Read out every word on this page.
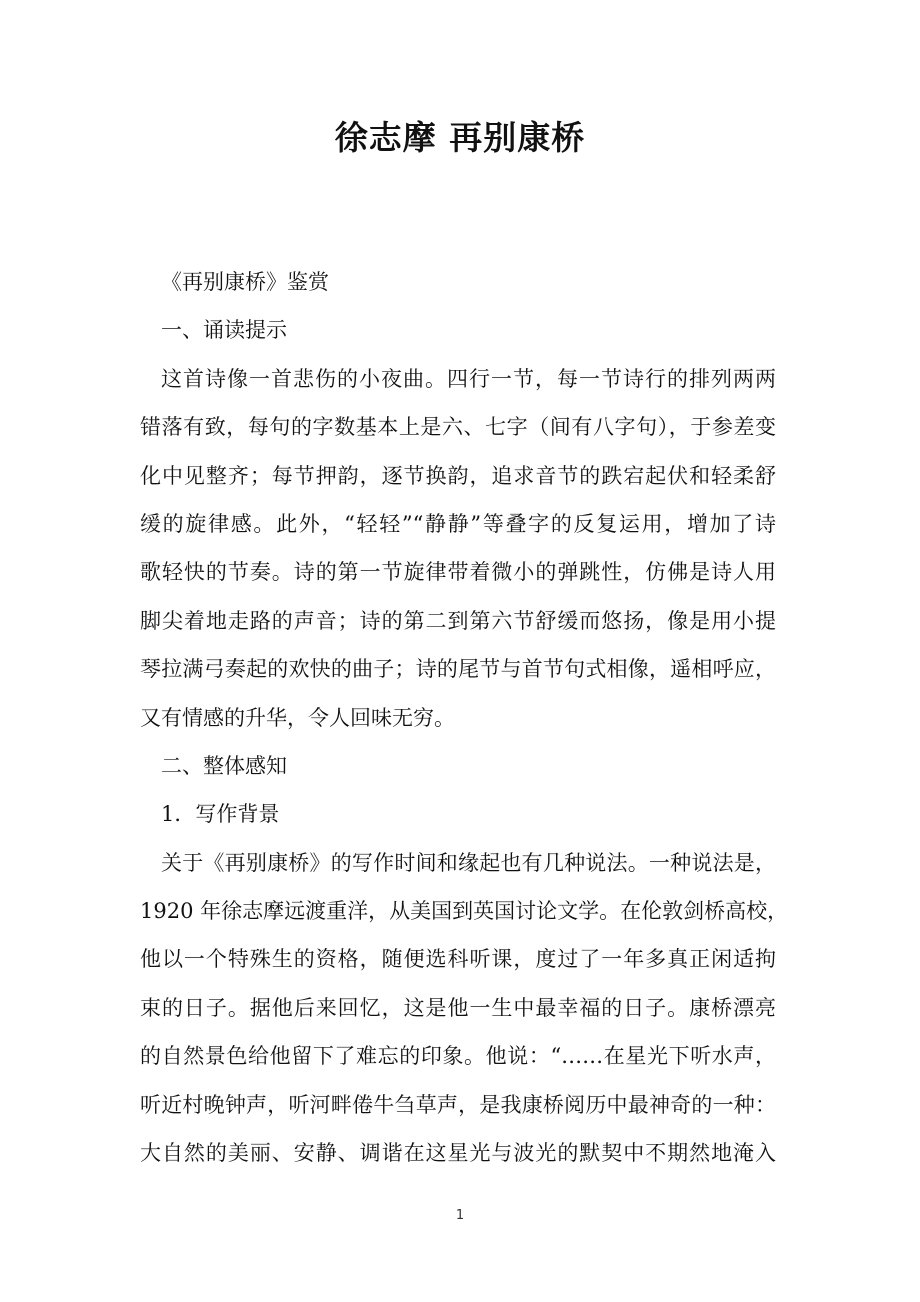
徐志摩 再别康桥
《再别康桥》鉴赏
一、诵读提示
这首诗像一首悲伤的小夜曲。四行一节，每一节诗行的排列两两
错落有致，每句的字数基本上是六、七字（间有八字句），于参差变
化中见整齐；每节押韵，逐节换韵，追求音节的跌宕起伏和轻柔舒
缓的旋律感。此外，“轻轻”“静静”等叠字的反复运用，增加了诗
歌轻快的节奏。诗的第一节旋律带着微小的弹跳性，仿佛是诗人用
脚尖着地走路的声音；诗的第二到第六节舒缓而悠扬，像是用小提
琴拉满弓奏起的欢快的曲子；诗的尾节与首节句式相像，遥相呼应，
又有情感的升华，令人回味无穷。
二、整体感知
1．写作背景
关于《再别康桥》的写作时间和缘起也有几种说法。一种说法是，
1920 年徐志摩远渡重洋，从美国到英国讨论文学。在伦敦剑桥高校，
他以一个特殊生的资格，随便选科听课，度过了一年多真正闲适拘
束的日子。据他后来回忆，这是他一生中最幸福的日子。康桥漂亮
的自然景色给他留下了难忘的印象。他说：“……在星光下听水声，
听近村晚钟声，听河畔倦牛刍草声，是我康桥阅历中最神奇的一种：
大自然的美丽、安静、调谐在这星光与波光的默契中不期然地淹入
1
